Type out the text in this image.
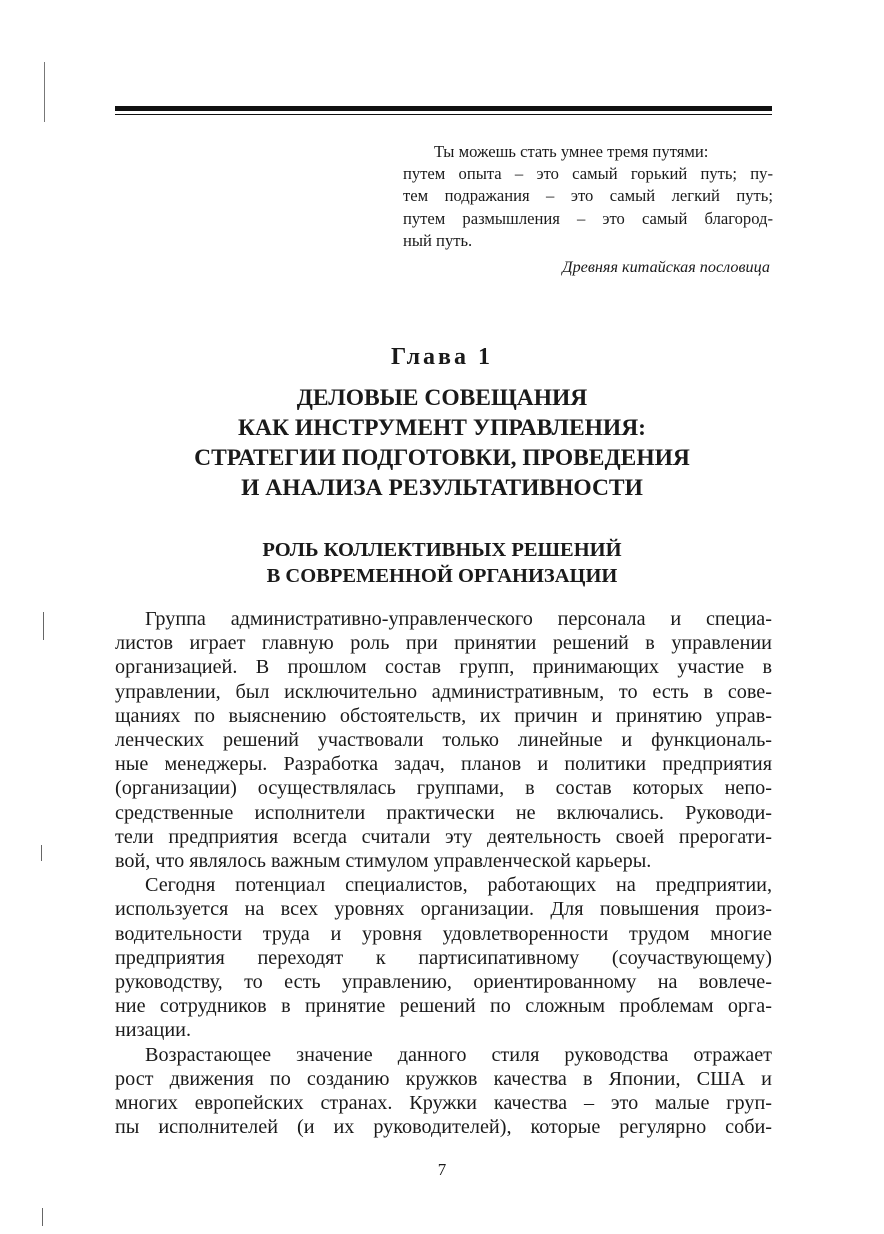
Ты можешь стать умнее тремя путями:
путем опыта – это самый горький путь; пу-
тем подражания – это самый легкий путь;
путем размышления – это самый благород-
ный путь.
Древняя китайская пословица
Глава 1
ДЕЛОВЫЕ СОВЕЩАНИЯ
КАК ИНСТРУМЕНТ УПРАВЛЕНИЯ:
СТРАТЕГИИ ПОДГОТОВКИ, ПРОВЕДЕНИЯ
И АНАЛИЗА РЕЗУЛЬТАТИВНОСТИ
РОЛЬ КОЛЛЕКТИВНЫХ РЕШЕНИЙ
В СОВРЕМЕННОЙ ОРГАНИЗАЦИИ
Группа административно-управленческого персонала и специа-
листов играет главную роль при принятии решений в управлении
организацией. В прошлом состав групп, принимающих участие в
управлении, был исключительно административным, то есть в сове-
щаниях по выяснению обстоятельств, их причин и принятию управ-
ленческих решений участвовали только линейные и функциональ-
ные менеджеры. Разработка задач, планов и политики предприятия
(организации) осуществлялась группами, в состав которых непо-
средственные исполнители практически не включались. Руководи-
тели предприятия всегда считали эту деятельность своей прерогати-
вой, что являлось важным стимулом управленческой карьеры.
Сегодня потенциал специалистов, работающих на предприятии,
используется на всех уровнях организации. Для повышения произ-
водительности труда и уровня удовлетворенности трудом многие
предприятия переходят к партисипативному (соучаствующему)
руководству, то есть управлению, ориентированному на вовлече-
ние сотрудников в принятие решений по сложным проблемам орга-
низации.
Возрастающее значение данного стиля руководства отражает
рост движения по созданию кружков качества в Японии, США и
многих европейских странах. Кружки качества – это малые груп-
пы исполнителей (и их руководителей), которые регулярно соби-
7
